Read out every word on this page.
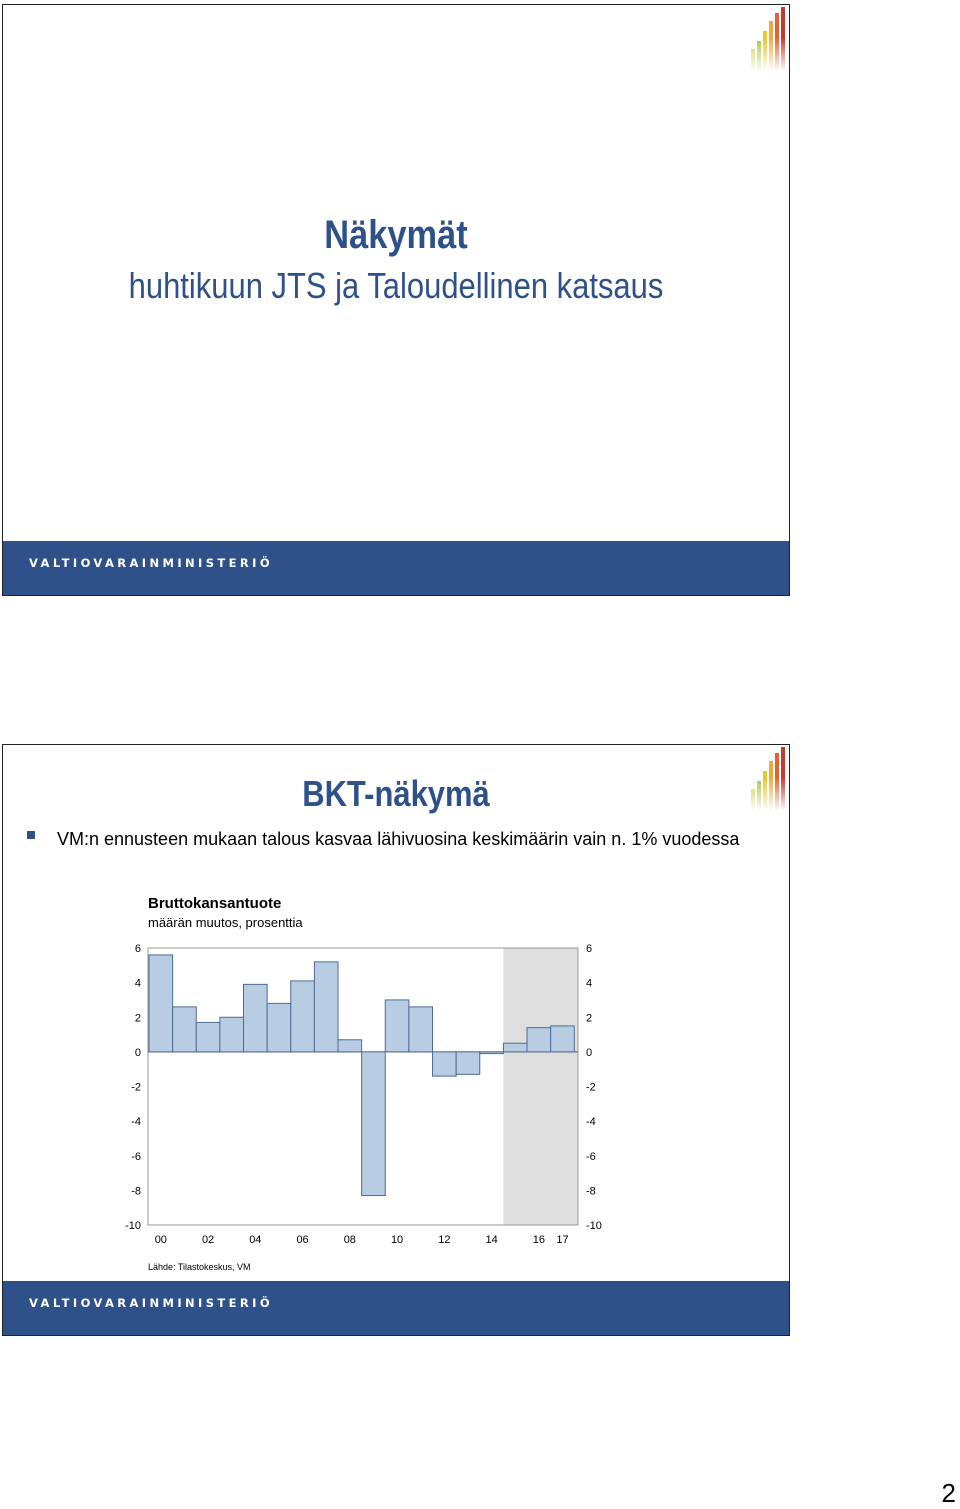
Näkymät
huhtikuun JTS ja Taloudellinen katsaus
VALTIOVARAINMINISTERIÖ
BKT-näkymä
VM:n ennusteen mukaan talous kasvaa lähivuosina keskimäärin vain n. 1% vuodessa
Bruttokansantuote
määrän muutos, prosenttia
6	6
4	4
2	2
0	0
-2	-2
-4	-4
-6	-6
-8	-8
-10	-10
00	02	04	06	08	10	12	14	16 17
Lähde: Tilastokeskus, VM
VALTIOVARAINMINISTERIÖ
2
